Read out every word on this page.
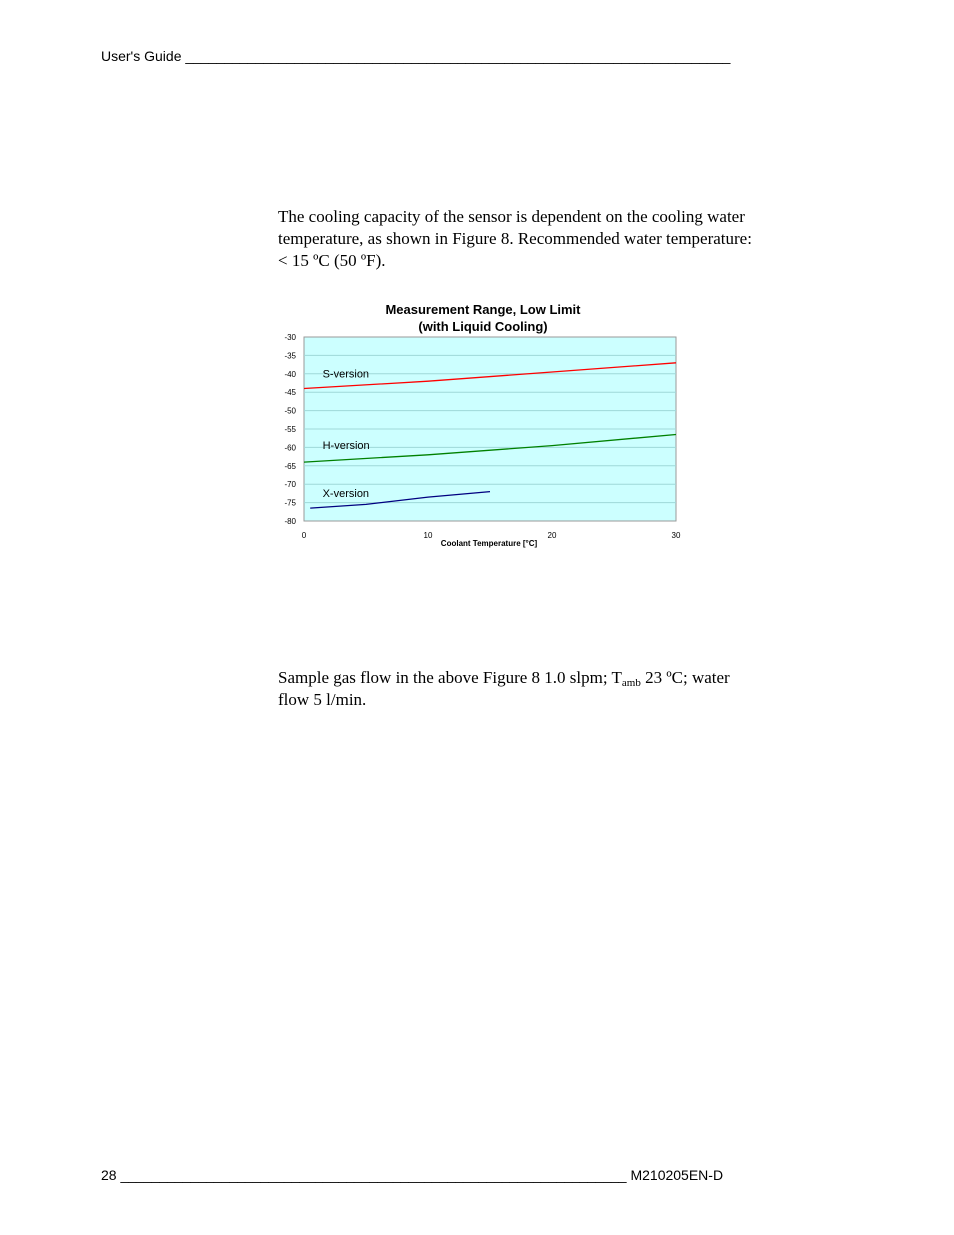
User's Guide ______________________________________________________________________
The cooling capacity of the sensor is dependent on the cooling water
temperature, as shown in Figure 8. Recommended water temperature:
< 15 ºC (50 ºF).
Measurement Range, Low Limit
(with Liquid Cooling)
-30
-35
-40
-45
-50
-55
-60
-65
-70
-75
-80
0	10	20	30
Coolant Temperature [°C]
S-version
H-version
X-version
Sample gas flow in the above Figure 8 1.0 slpm; $T_{amb}$ 23 ºC; water
flow 5 l/min.
28 _________________________________________________________________ M210205EN-D
